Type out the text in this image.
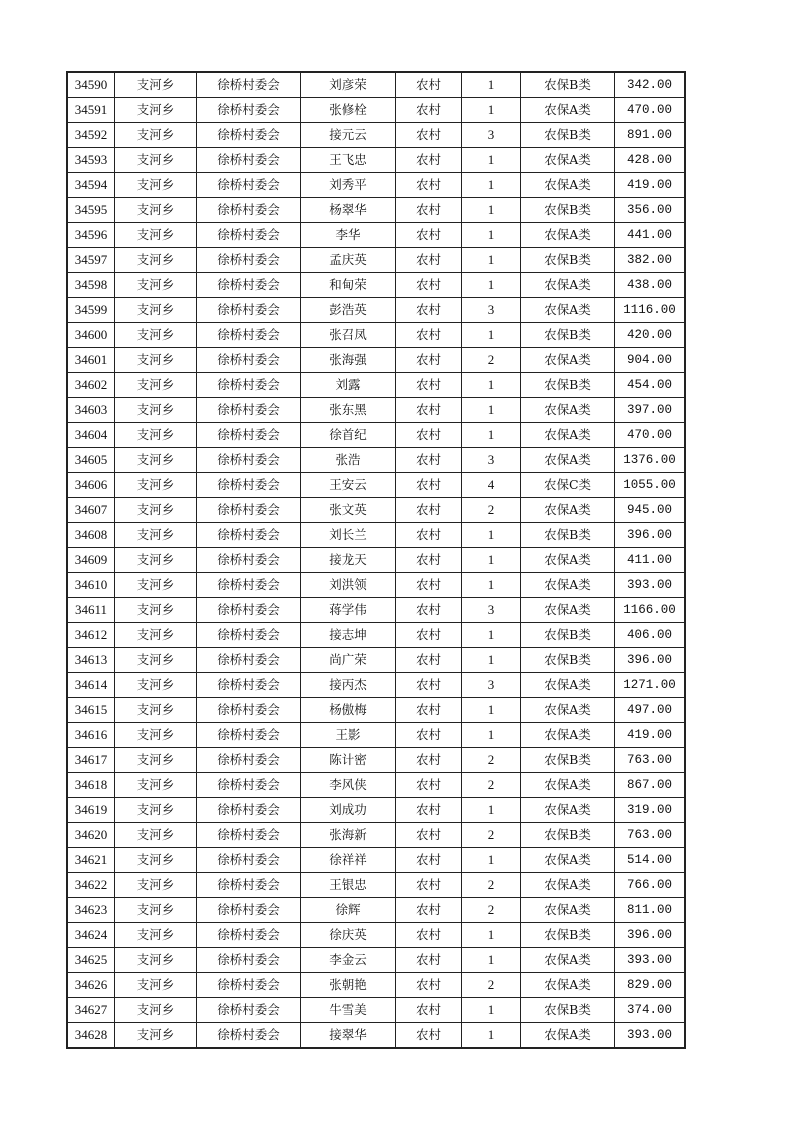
34590	支河乡	徐桥村委会	刘彦荣	农村	1	农保B类	342.00
34591	支河乡	徐桥村委会	张修栓	农村	1	农保A类	470.00
34592	支河乡	徐桥村委会	接元云	农村	3	农保B类	891.00
34593	支河乡	徐桥村委会	王飞忠	农村	1	农保A类	428.00
34594	支河乡	徐桥村委会	刘秀平	农村	1	农保A类	419.00
34595	支河乡	徐桥村委会	杨翠华	农村	1	农保B类	356.00
34596	支河乡	徐桥村委会	李华	农村	1	农保A类	441.00
34597	支河乡	徐桥村委会	孟庆英	农村	1	农保B类	382.00
34598	支河乡	徐桥村委会	和甸荣	农村	1	农保A类	438.00
34599	支河乡	徐桥村委会	彭浩英	农村	3	农保A类	1116.00
34600	支河乡	徐桥村委会	张召凤	农村	1	农保B类	420.00
34601	支河乡	徐桥村委会	张海强	农村	2	农保A类	904.00
34602	支河乡	徐桥村委会	刘露	农村	1	农保B类	454.00
34603	支河乡	徐桥村委会	张东黑	农村	1	农保A类	397.00
34604	支河乡	徐桥村委会	徐首纪	农村	1	农保A类	470.00
34605	支河乡	徐桥村委会	张浩	农村	3	农保A类	1376.00
34606	支河乡	徐桥村委会	王安云	农村	4	农保C类	1055.00
34607	支河乡	徐桥村委会	张文英	农村	2	农保A类	945.00
34608	支河乡	徐桥村委会	刘长兰	农村	1	农保B类	396.00
34609	支河乡	徐桥村委会	接龙天	农村	1	农保A类	411.00
34610	支河乡	徐桥村委会	刘洪领	农村	1	农保A类	393.00
34611	支河乡	徐桥村委会	蒋学伟	农村	3	农保A类	1166.00
34612	支河乡	徐桥村委会	接志坤	农村	1	农保B类	406.00
34613	支河乡	徐桥村委会	尚广荣	农村	1	农保B类	396.00
34614	支河乡	徐桥村委会	接丙杰	农村	3	农保A类	1271.00
34615	支河乡	徐桥村委会	杨傲梅	农村	1	农保A类	497.00
34616	支河乡	徐桥村委会	王影	农村	1	农保A类	419.00
34617	支河乡	徐桥村委会	陈计密	农村	2	农保B类	763.00
34618	支河乡	徐桥村委会	李风侠	农村	2	农保A类	867.00
34619	支河乡	徐桥村委会	刘成功	农村	1	农保A类	319.00
34620	支河乡	徐桥村委会	张海新	农村	2	农保B类	763.00
34621	支河乡	徐桥村委会	徐祥祥	农村	1	农保A类	514.00
34622	支河乡	徐桥村委会	王银忠	农村	2	农保A类	766.00
34623	支河乡	徐桥村委会	徐辉	农村	2	农保A类	811.00
34624	支河乡	徐桥村委会	徐庆英	农村	1	农保B类	396.00
34625	支河乡	徐桥村委会	李金云	农村	1	农保A类	393.00
34626	支河乡	徐桥村委会	张朝艳	农村	2	农保A类	829.00
34627	支河乡	徐桥村委会	牛雪美	农村	1	农保B类	374.00
34628	支河乡	徐桥村委会	接翠华	农村	1	农保A类	393.00
